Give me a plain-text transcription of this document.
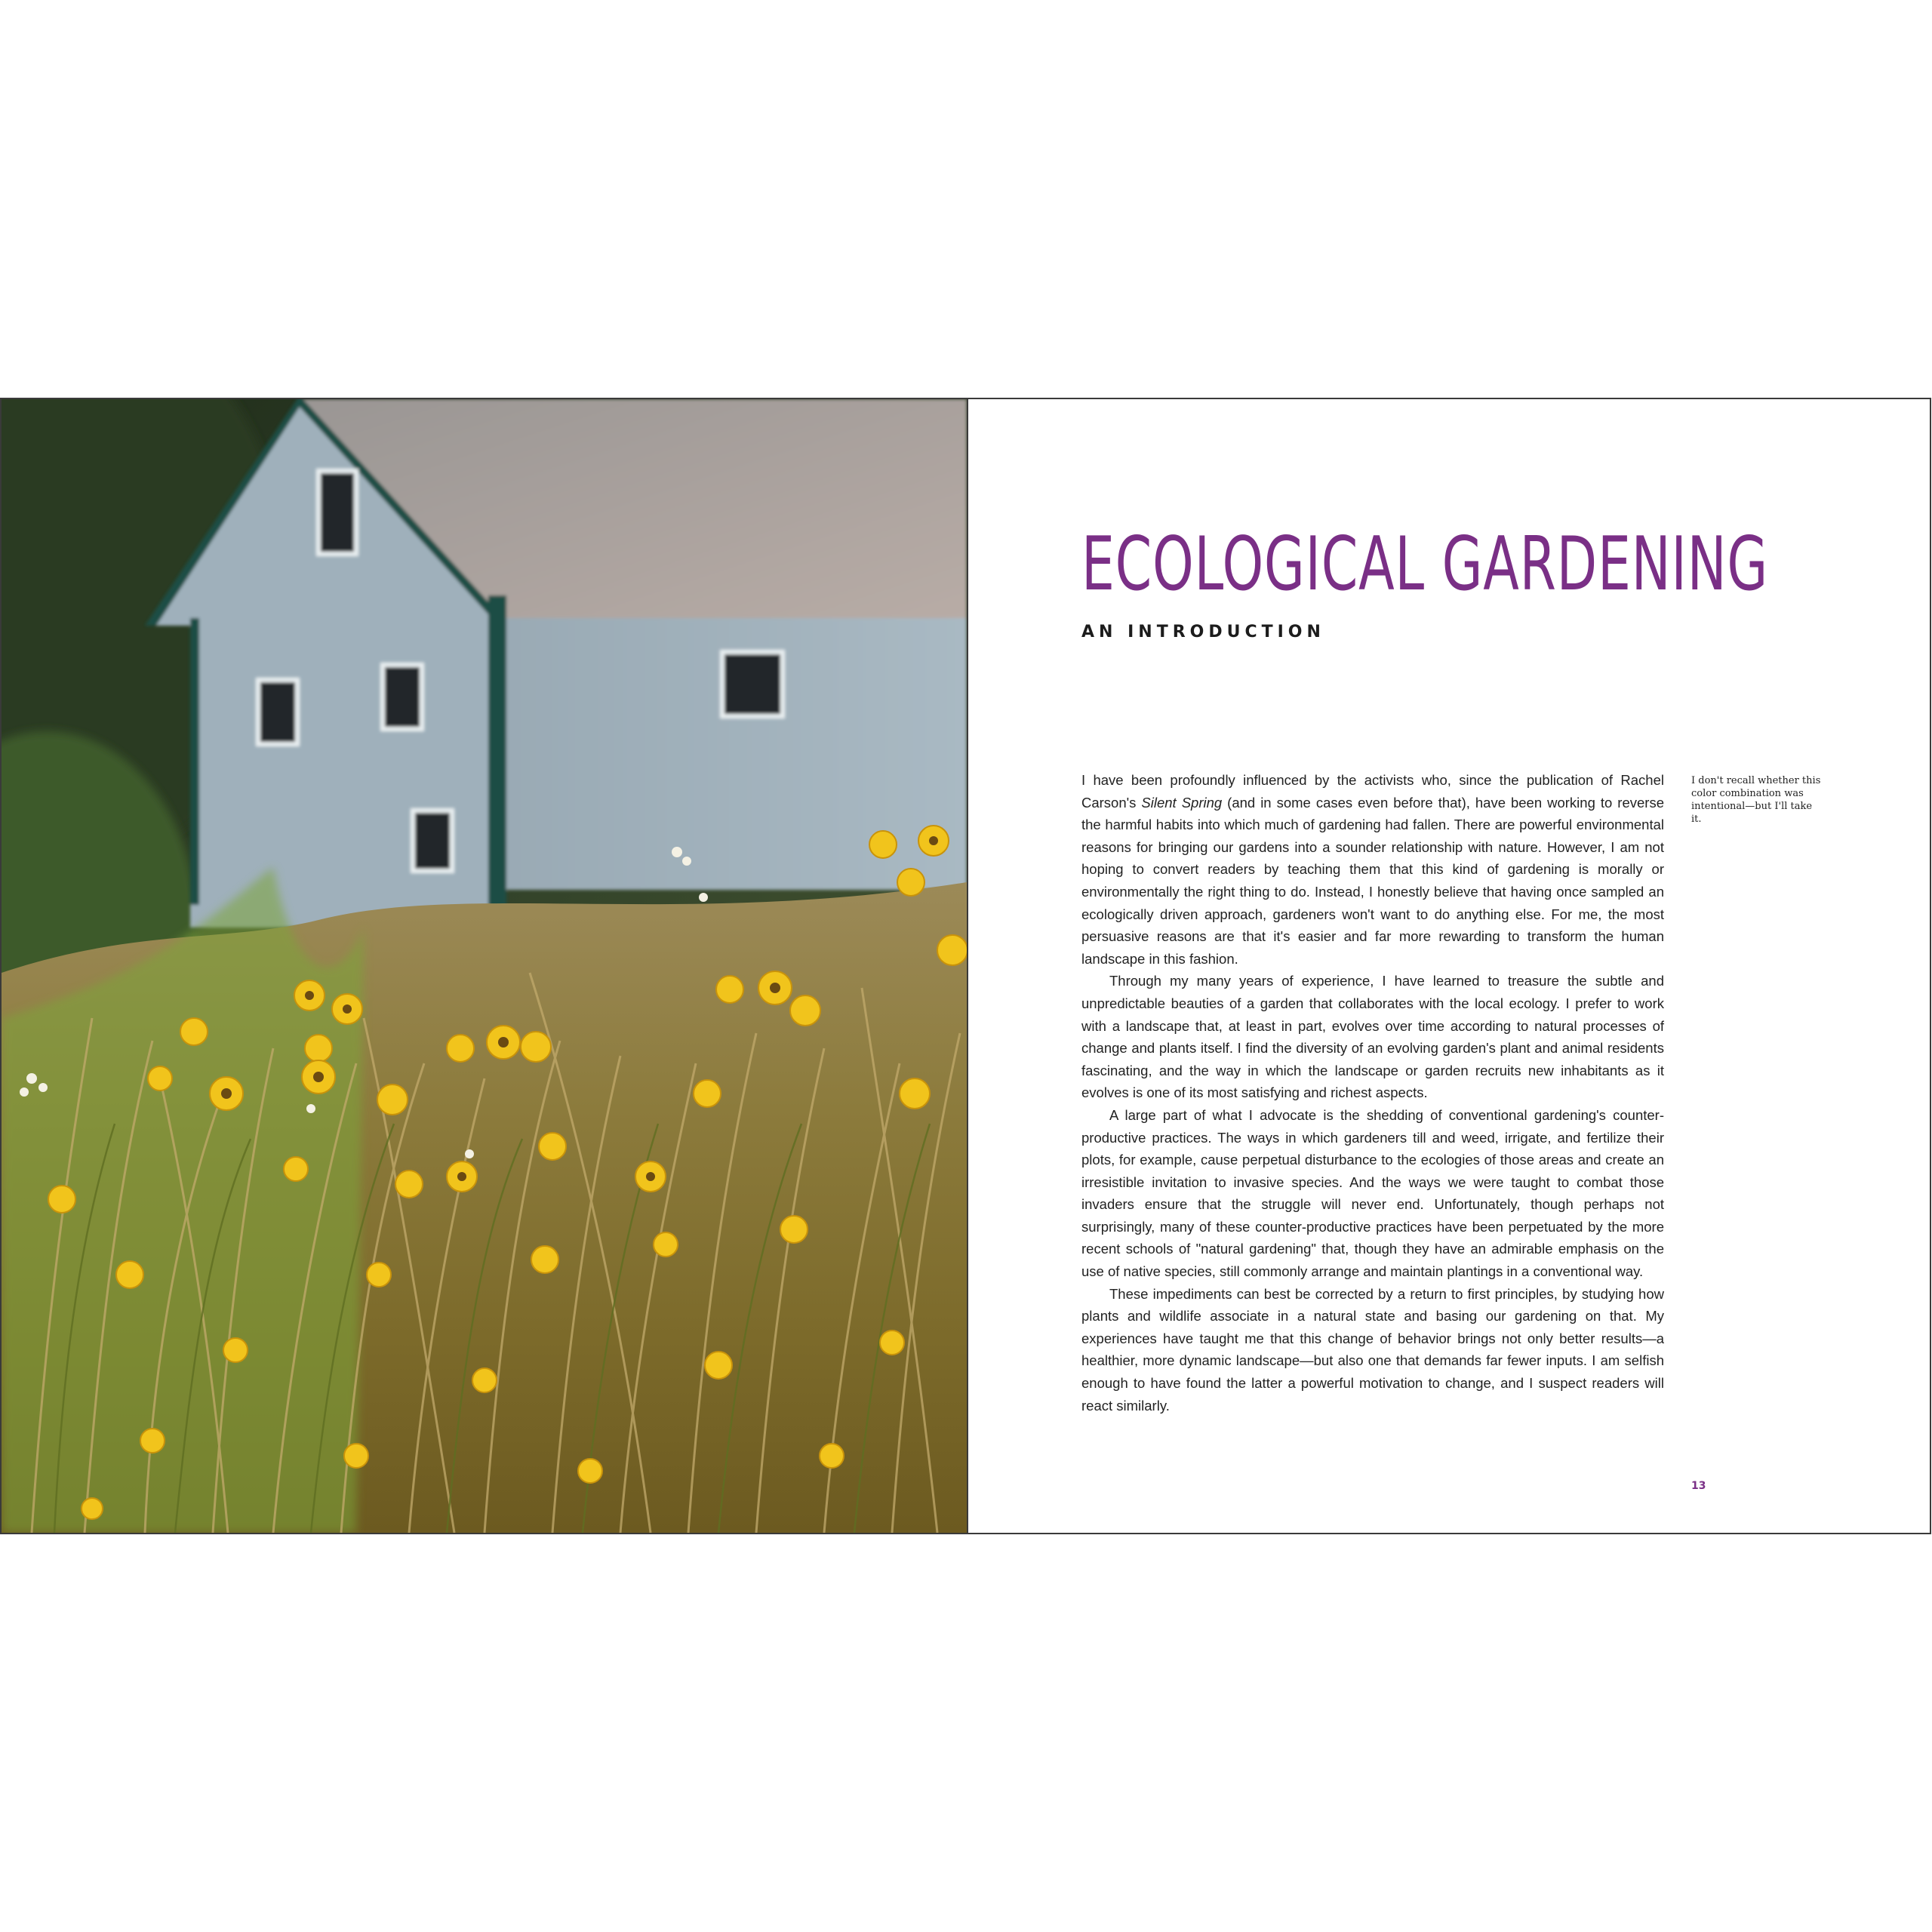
ECOLOGICAL GARDENING
AN INTRODUCTION

I have been profoundly influenced by the activists who, since the publication of Rachel Carson's Silent Spring (and in some cases even before that), have been working to reverse the harmful habits into which much of gardening had fallen. There are powerful environmental reasons for bringing our gardens into a sounder relationship with nature. However, I am not hoping to convert readers by teaching them that this kind of gardening is morally or environmentally the right thing to do. Instead, I honestly believe that having once sampled an ecologically driven approach, gardeners won't want to do anything else. For me, the most persuasive reasons are that it's easier and far more rewarding to transform the human landscape in this fashion.

Through my many years of experience, I have learned to treasure the subtle and unpredictable beauties of a garden that collaborates with the local ecology. I prefer to work with a landscape that, at least in part, evolves over time according to natural processes of change and plants itself. I find the diversity of an evolving garden's plant and animal residents fascinating, and the way in which the landscape or garden recruits new inhabitants as it evolves is one of its most satisfying and richest aspects.

A large part of what I advocate is the shedding of conventional gardening's counter-productive practices. The ways in which gardeners till and weed, irrigate, and fertilize their plots, for example, cause perpetual disturbance to the ecologies of those areas and create an irresistible invitation to invasive species. And the ways we were taught to combat those invaders ensure that the struggle will never end. Unfortunately, though perhaps not surprisingly, many of these counter-productive practices have been perpetuated by the more recent schools of "natural gardening" that, though they have an admirable emphasis on the use of native species, still commonly arrange and maintain plantings in a conventional way.

These impediments can best be corrected by a return to first principles, by studying how plants and wildlife associate in a natural state and basing our gardening on that. My experiences have taught me that this change of behavior brings not only better results—a healthier, more dynamic landscape—but also one that demands far fewer inputs. I am selfish enough to have found the latter a powerful motivation to change, and I suspect readers will react similarly.

I don't recall whether this color combination was intentional—but I'll take it.
13
